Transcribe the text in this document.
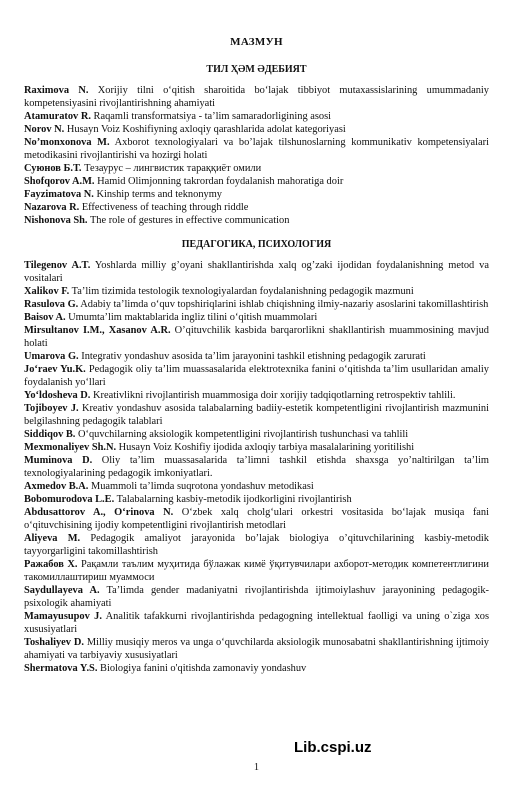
МАЗМУН
ТИЛ ҲӘМ ӘДЕБИЯТ

Raximova N. Xorijiy tilni o‘qitish sharoitida bo‘lajak tibbiyot mutaxassislarining umummadaniy kompetensiyasini rivojlantirishning ahamiyati

Atamuratov R. Raqamli transformatsiya - ta’lim samaradorligining asosi

Norov N. Husayn Voiz Koshifiyning axloqiy qarashlarida adolat kategoriyasi

No’monxonova M. Axborot texnologiyalari va bo’lajak tilshunoslarning kommunikativ kompetensiyalari metodikasini rivojlantirishi va hozirgi holati

Суюнов Б.Т. Тезаурус – лингвистик тараққиёт омили

Shofqorov A.M. Hamid Olimjonning takrordan foydalanish mahoratiga doir

Fayzimatova N. Kinship terms and teknonymy

Nazarova R. Effectiveness of teaching through riddle

Nishonova Sh. The role of gestures in effective communication

ПЕДАГОГИКА, ПСИХОЛОГИЯ

Tilegenov A.T. Yoshlarda milliy g’oyani shakllantirishda xalq og’zaki ijodidan foydalanishning metod va vositalari

Xalikov F. Ta’lim tizimida testologik texnologiyalardan foydalanishning pedagogik mazmuni

Rasulova G. Adabiy ta’limda o‘quv topshiriqlarini ishlab chiqishning ilmiy-nazariy asoslarini takomillashtirish

Baisov A. Umumta’lim maktablarida ingliz tilini o‘qitish muammolari

Mirsultanov I.M., Xasanov A.R. O’qituvchilik kasbida barqarorlikni shakllantirish muammosining mavjud holati

Umarova G. Integrativ yondashuv asosida ta’lim jarayonini tashkil etishning pedagogik zarurati

Jo‘raev Yu.K. Pedagogik oliy ta’lim muassasalarida elektrotexnika fanini o‘qitishda ta’lim usullaridan amaliy foydalanish yo‘llari

Yo‘ldosheva D. Kreativlikni rivojlantirish muammosiga doir xorijiy tadqiqotlarning retrospektiv tahlili.

Tojiboyev J. Kreativ yondashuv asosida talabalarning badiiy-estetik kompetentligini rivojlantirish mazmunini belgilashning pedagogik talablari

Siddiqov B. O‘quvchilarning aksiologik kompetentligini rivojlantirish tushunchasi va tahlili

Mexmonaliyev Sh.N. Husayn Voiz Koshifiy ijodida axloqiy tarbiya masalalarining yoritilishi

Muminova D. Oliy ta’lim muassasalarida ta’limni tashkil etishda shaxsga yo’naltirilgan ta’lim texnologiyalarining pedagogik imkoniyatlari.

Axmedov B.A. Muammoli ta’limda suqrotona yondashuv metodikasi

Bobomurodova L.E. Talabalarning kasbiy-metodik ijodkorligini rivojlantirish

Abdusattorov A., O‘rinova N. O‘zbek xalq cholg‘ulari orkestri vositasida bo‘lajak musiqa fani o‘qituvchisining ijodiy kompetentligini rivojlantirish metodlari

Aliyeva M. Pedagogik amaliyot jarayonida bo’lajak biologiya o’qituvchilarining kasbiy-metodik tayyorgarligini takomillashtirish

Ражабов Х. Рақамли таълим муҳитида бўлажак кимё ўқитувчилари ахборот-методик компетентлигини такомиллаштириш муаммоси

Saydullayeva A. Ta’limda gender madaniyatni rivojlantirishda ijtimoiylashuv jarayonining pedagogik-psixologik ahamiyati

Mamayusupov J. Analitik tafakkurni rivojlantirishda pedagogning intellektual faolligi va uning o`ziga xos xususiyatlari

Toshaliyev D. Milliy musiqiy meros va unga o‘quvchilarda aksiologik munosabatni shakllantirishning ijtimoiy ahamiyati va tarbiyaviy xususiyatlari

Shermatova Y.S. Biologiya fanini o'qitishda zamonaviy yondashuv

Lib.cspi.uz
1
